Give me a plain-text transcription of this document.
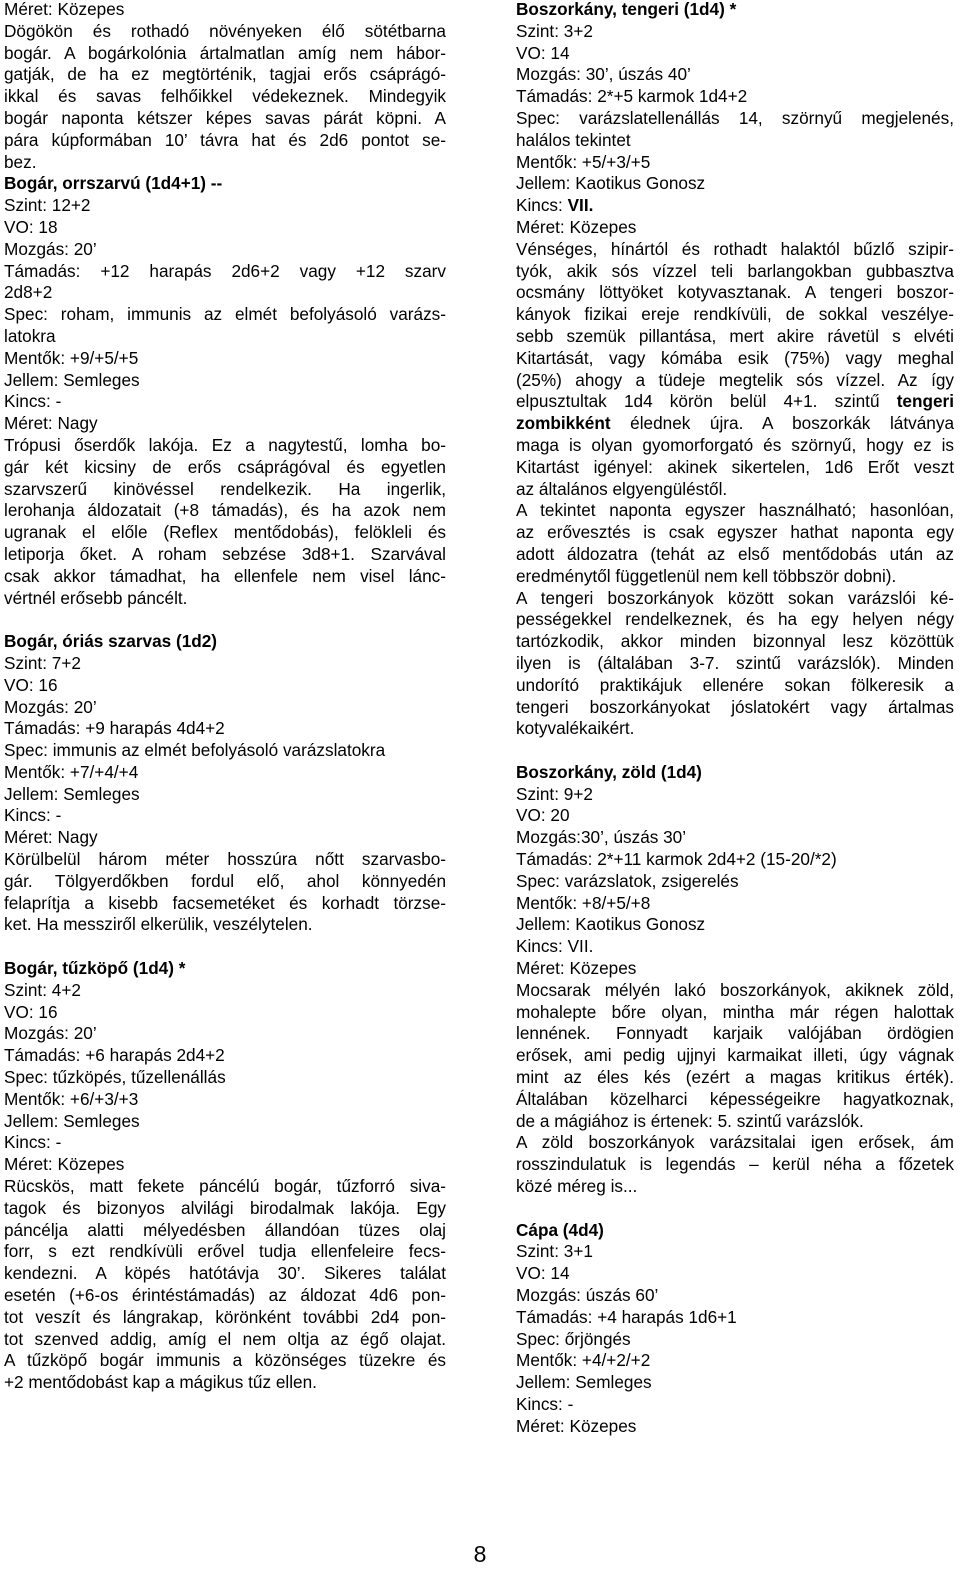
Méret: Közepes
Dögökön és rothadó növényeken élő sötétbarna
bogár. A bogárkolónia ártalmatlan amíg nem hábor-
gatják, de ha ez megtörténik, tagjai erős csáprágó-
ikkal és savas felhőikkel védekeznek. Mindegyik
bogár naponta kétszer képes savas párát köpni. A
pára kúpformában 10’ távra hat és 2d6 pontot se-
bez.
Bogár, orrszarvú (1d4+1) --
Szint: 12+2
VO: 18
Mozgás: 20’
Támadás: +12 harapás 2d6+2 vagy +12 szarv
2d8+2
Spec: roham, immunis az elmét befolyásoló varázs-
latokra
Mentők: +9/+5/+5
Jellem: Semleges
Kincs: -
Méret: Nagy
Trópusi őserdők lakója. Ez a nagytestű, lomha bo-
gár két kicsiny de erős csáprágóval és egyetlen
szarvszerű kinövéssel rendelkezik. Ha ingerlik,
lerohanja áldozatait (+8 támadás), és ha azok nem
ugranak el előle (Reflex mentődobás), felökleli és
letiporja őket. A roham sebzése 3d8+1. Szarvával
csak akkor támadhat, ha ellenfele nem visel lánc-
vértnél erősebb páncélt.
Bogár, óriás szarvas (1d2)
Szint: 7+2
VO: 16
Mozgás: 20’
Támadás: +9 harapás 4d4+2
Spec: immunis az elmét befolyásoló varázslatokra
Mentők: +7/+4/+4
Jellem: Semleges
Kincs: -
Méret: Nagy
Körülbelül három méter hosszúra nőtt szarvasbo-
gár. Tölgyerdőkben fordul elő, ahol könnyedén
felaprítja a kisebb facsemetéket és korhadt törzse-
ket. Ha messziről elkerülik, veszélytelen.
Bogár, tűzköpő (1d4) *
Szint: 4+2
VO: 16
Mozgás: 20’
Támadás: +6 harapás 2d4+2
Spec: tűzköpés, tűzellenállás
Mentők: +6/+3/+3
Jellem: Semleges
Kincs: -
Méret: Közepes
Rücskös, matt fekete páncélú bogár, tűzforró siva-
tagok és bizonyos alvilági birodalmak lakója. Egy
páncélja alatti mélyedésben állandóan tüzes olaj
forr, s ezt rendkívüli erővel tudja ellenfeleire fecs-
kendezni. A köpés hatótávja 30’. Sikeres találat
esetén (+6-os érintéstámadás) az áldozat 4d6 pon-
tot veszít és lángrakap, körönként további 2d4 pon-
tot szenved addig, amíg el nem oltja az égő olajat.
A tűzköpő bogár immunis a közönséges tüzekre és
+2 mentődobást kap a mágikus tűz ellen.
Boszorkány, tengeri (1d4) *
Szint: 3+2
VO: 14
Mozgás: 30’, úszás 40’
Támadás: 2*+5 karmok 1d4+2
Spec: varázslatellenállás 14, szörnyű megjelenés,
halálos tekintet
Mentők: +5/+3/+5
Jellem: Kaotikus Gonosz
Kincs: VII.
Méret: Közepes
Vénséges, hínártól és rothadt halaktól bűzlő szipir-
tyók, akik sós vízzel teli barlangokban gubbasztva
ocsmány löttyöket kotyvasztanak. A tengeri boszor-
kányok fizikai ereje rendkívüli, de sokkal veszélye-
sebb szemük pillantása, mert akire rávetül s elvéti
Kitartását, vagy kómába esik (75%) vagy meghal
(25%) ahogy a tüdeje megtelik sós vízzel. Az így
elpusztultak 1d4 körön belül 4+1. szintű tengeri
zombikként élednek újra. A boszorkák látványa
maga is olyan gyomorforgató és szörnyű, hogy ez is
Kitartást igényel: akinek sikertelen, 1d6 Erőt veszt
az általános elgyengüléstől.
A tekintet naponta egyszer használható; hasonlóan,
az erővesztés is csak egyszer hathat naponta egy
adott áldozatra (tehát az első mentődobás után az
eredménytől függetlenül nem kell többször dobni).
A tengeri boszorkányok között sokan varázslói ké-
pességekkel rendelkeznek, és ha egy helyen négy
tartózkodik, akkor minden bizonnyal lesz közöttük
ilyen is (általában 3-7. szintű varázslók). Minden
undorító praktikájuk ellenére sokan fölkeresik a
tengeri boszorkányokat jóslatokért vagy ártalmas
kotyvalékaikért.
Boszorkány, zöld (1d4)
Szint: 9+2
VO: 20
Mozgás:30’, úszás 30’
Támadás: 2*+11 karmok 2d4+2 (15-20/*2)
Spec: varázslatok, zsigerelés
Mentők: +8/+5/+8
Jellem: Kaotikus Gonosz
Kincs: VII.
Méret: Közepes
Mocsarak mélyén lakó boszorkányok, akiknek zöld,
mohalepte bőre olyan, mintha már régen halottak
lennének. Fonnyadt karjaik valójában ördögien
erősek, ami pedig ujjnyi karmaikat illeti, úgy vágnak
mint az éles kés (ezért a magas kritikus érték).
Általában közelharci képességeikre hagyatkoznak,
de a mágiához is értenek: 5. szintű varázslók.
A zöld boszorkányok varázsitalai igen erősek, ám
rosszindulatuk is legendás – kerül néha a főzetek
közé méreg is...
Cápa (4d4)
Szint: 3+1
VO: 14
Mozgás: úszás 60’
Támadás: +4 harapás 1d6+1
Spec: őrjöngés
Mentők: +4/+2/+2
Jellem: Semleges
Kincs: -
Méret: Közepes
8
